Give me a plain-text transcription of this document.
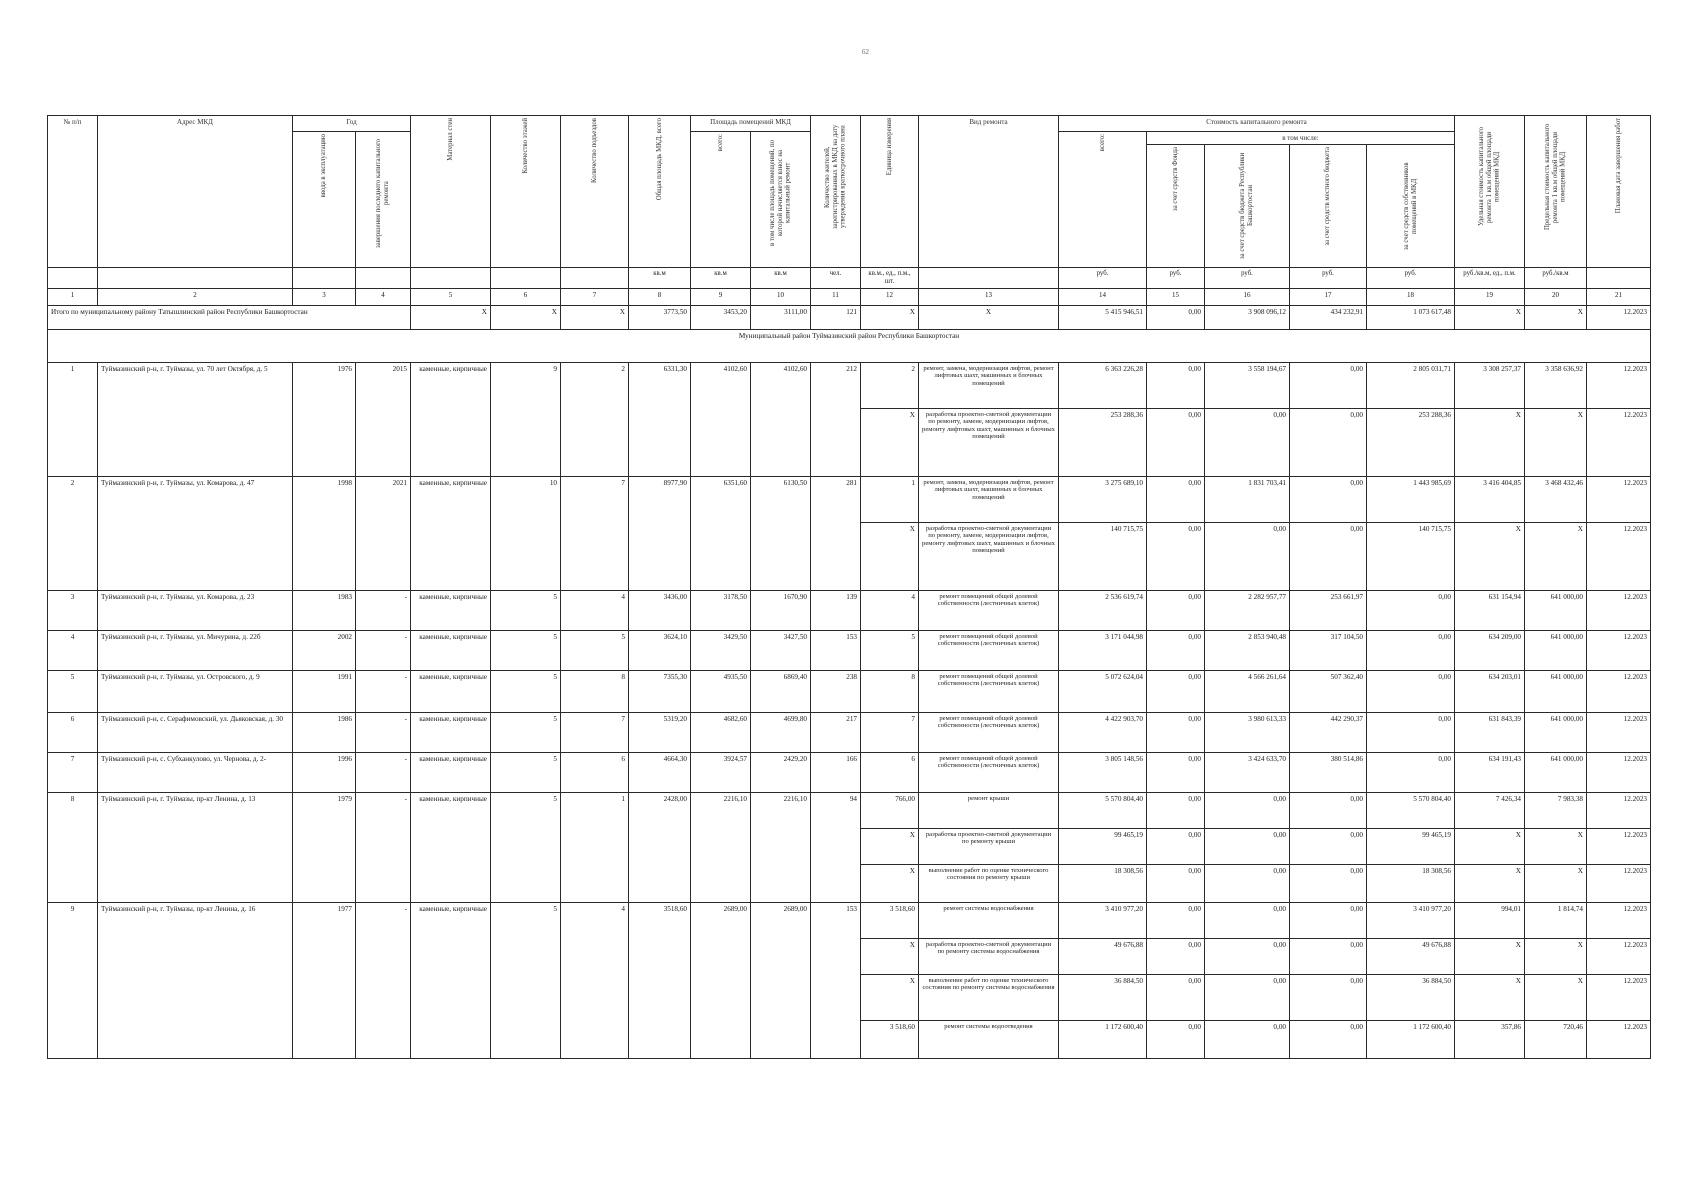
62
№ п/п	Адрес МКД	Год		Материал стен	Количество этажей	Количество подъездов	Общая площадь МКД, всего	Площадь помещений МКД		Количество жителей, зарегистрированных в МКД на дату утверждения краткосрочного плана	Единица измерения	Вид ремонта	Стоимость капитального ремонта					Удельная стоимость капитального ремонта 1 кв.м общей площади помещений МКД	Предельная стоимость капитального ремонта 1 кв.м общей площади помещений МКД	Плановая дата завершения работ

		ввода в эксплуатацию	завершения последнего капитального ремонта					всего:	в том числе площадь помещений, по которой начисляется взнос на капитальный ремонт				всего:	в том числе:						

														за счет средств Фонда	за счет средств бюджета Республики Башкортостан	за счет средств местного бюджета	за счет средств собственников помещений в МКД			

							кв.м	кв.м	кв.м	чел.	кв.м., ед., п.м., шт.		руб.	руб.	руб.	руб.	руб.	руб./кв.м, ед., п.м.	руб./кв.м	
1	2	3	4	5	6	7	8	9	10	11	12	13	14	15	16	17	18	19	20	21
Итого по муниципальному району Татышлинский район Республики Башкортостан				X	X	X	3773,50	3453,20	3111,00	121	X	X	5 415 946,51	0,00	3 908 096,12	434 232,91	1 073 617,48	X	X	12.2023
Муниципальный район Туймазинский район Республики Башкортостан																				
1	Туймазинский р-н, г. Туймазы, ул. 70 лет Октября, д. 5	1976	2015	каменные, кирпичные	9	2	6331,30	4102,60	4102,60	212	2	ремонт, замена, модернизация лифтов, ремонт лифтовых шахт, машинных и блочных помещений	6 363 226,28	0,00	3 558 194,67	0,00	2 805 031,71	3 308 257,37	3 358 636,92	12.2023
											X	разработка проектно-сметной документации по ремонту, замене, модернизации лифтов, ремонту лифтовых шахт, машинных и блочных помещений	253 288,36	0,00	0,00	0,00	253 288,36	X	X	12.2023
2	Туймазинский р-н, г. Туймазы, ул. Комарова, д. 47	1998	2021	каменные, кирпичные	10	7	8977,90	6351,60	6130,50	281	1	ремонт, замена, модернизация лифтов, ремонт лифтовых шахт, машинных и блочных помещений	3 275 689,10	0,00	1 831 703,41	0,00	1 443 985,69	3 416 404,85	3 468 432,46	12.2023
											X	разработка проектно-сметной документации по ремонту, замене, модернизации лифтов, ремонту лифтовых шахт, машинных и блочных помещений	140 715,75	0,00	0,00	0,00	140 715,75	X	X	12.2023
3	Туймазинский р-н, г. Туймазы, ул. Комарова, д. 23	1983	-	каменные, кирпичные	5	4	3436,00	3178,50	1670,90	139	4	ремонт помещений общей долевой собственности (лестничных клеток)	2 536 619,74	0,00	2 282 957,77	253 661,97	0,00	631 154,94	641 000,00	12.2023
4	Туймазинский р-н, г. Туймазы, ул. Мичурина, д. 22б	2002	-	каменные, кирпичные	5	5	3624,10	3429,50	3427,50	153	5	ремонт помещений общей долевой собственности (лестничных клеток)	3 171 044,98	0,00	2 853 940,48	317 104,50	0,00	634 209,00	641 000,00	12.2023
5	Туймазинский р-н, г. Туймазы, ул. Островского, д. 9	1991	-	каменные, кирпичные	5	8	7355,30	4935,50	6869,40	238	8	ремонт помещений общей долевой собственности (лестничных клеток)	5 072 624,04	0,00	4 566 261,64	507 362,40	0,00	634 203,01	641 000,00	12.2023
6	Туймазинский р-н, с. Серафимовский, ул. Дьяковская, д. 30	1986	-	каменные, кирпичные	5	7	5319,20	4682,60	4699,80	217	7	ремонт помещений общей долевой собственности (лестничных клеток)	4 422 903,70	0,00	3 980 613,33	442 290,37	0,00	631 843,39	641 000,00	12.2023
7	Туймазинский р-н, с. Субханкулово, ул. Чернова, д. 2-	1996	-	каменные, кирпичные	5	6	4664,30	3924,57	2429,20	166	6	ремонт помещений общей долевой собственности (лестничных клеток)	3 805 148,56	0,00	3 424 633,70	380 514,86	0,00	634 191,43	641 000,00	12.2023
8	Туймазинский р-н, г. Туймазы, пр-кт Ленина, д. 13	1979	-	каменные, кирпичные	5	1	2428,00	2216,10	2216,10	94	766,00	ремонт крыши	5 570 804,40	0,00	0,00	0,00	5 570 804,40	7 426,34	7 983,38	12.2023
											X	разработка проектно-сметной документации по ремонту крыши	99 465,19	0,00	0,00	0,00	99 465,19	X	X	12.2023
											X	выполнение работ по оценке технического состояния по ремонту крыши	18 308,56	0,00	0,00	0,00	18 308,56	X	X	12.2023
9	Туймазинский р-н, г. Туймазы, пр-кт Ленина, д. 16	1977	-	каменные, кирпичные	5	4	3518,60	2689,00	2689,00	153	3 518,60	ремонт системы водоснабжения	3 410 977,20	0,00	0,00	0,00	3 410 977,20	994,01	1 814,74	12.2023
											X	разработка проектно-сметной документации по ремонту системы водоснабжения	49 676,88	0,00	0,00	0,00	49 676,88	X	X	12.2023
											X	выполнение работ по оценке технического состояния по ремонту системы водоснабжения	36 884,50	0,00	0,00	0,00	36 884,50	X	X	12.2023
											3 518,60	ремонт системы водоотведения	1 172 600,40	0,00	0,00	0,00	1 172 600,40	357,86	720,46	12.2023
